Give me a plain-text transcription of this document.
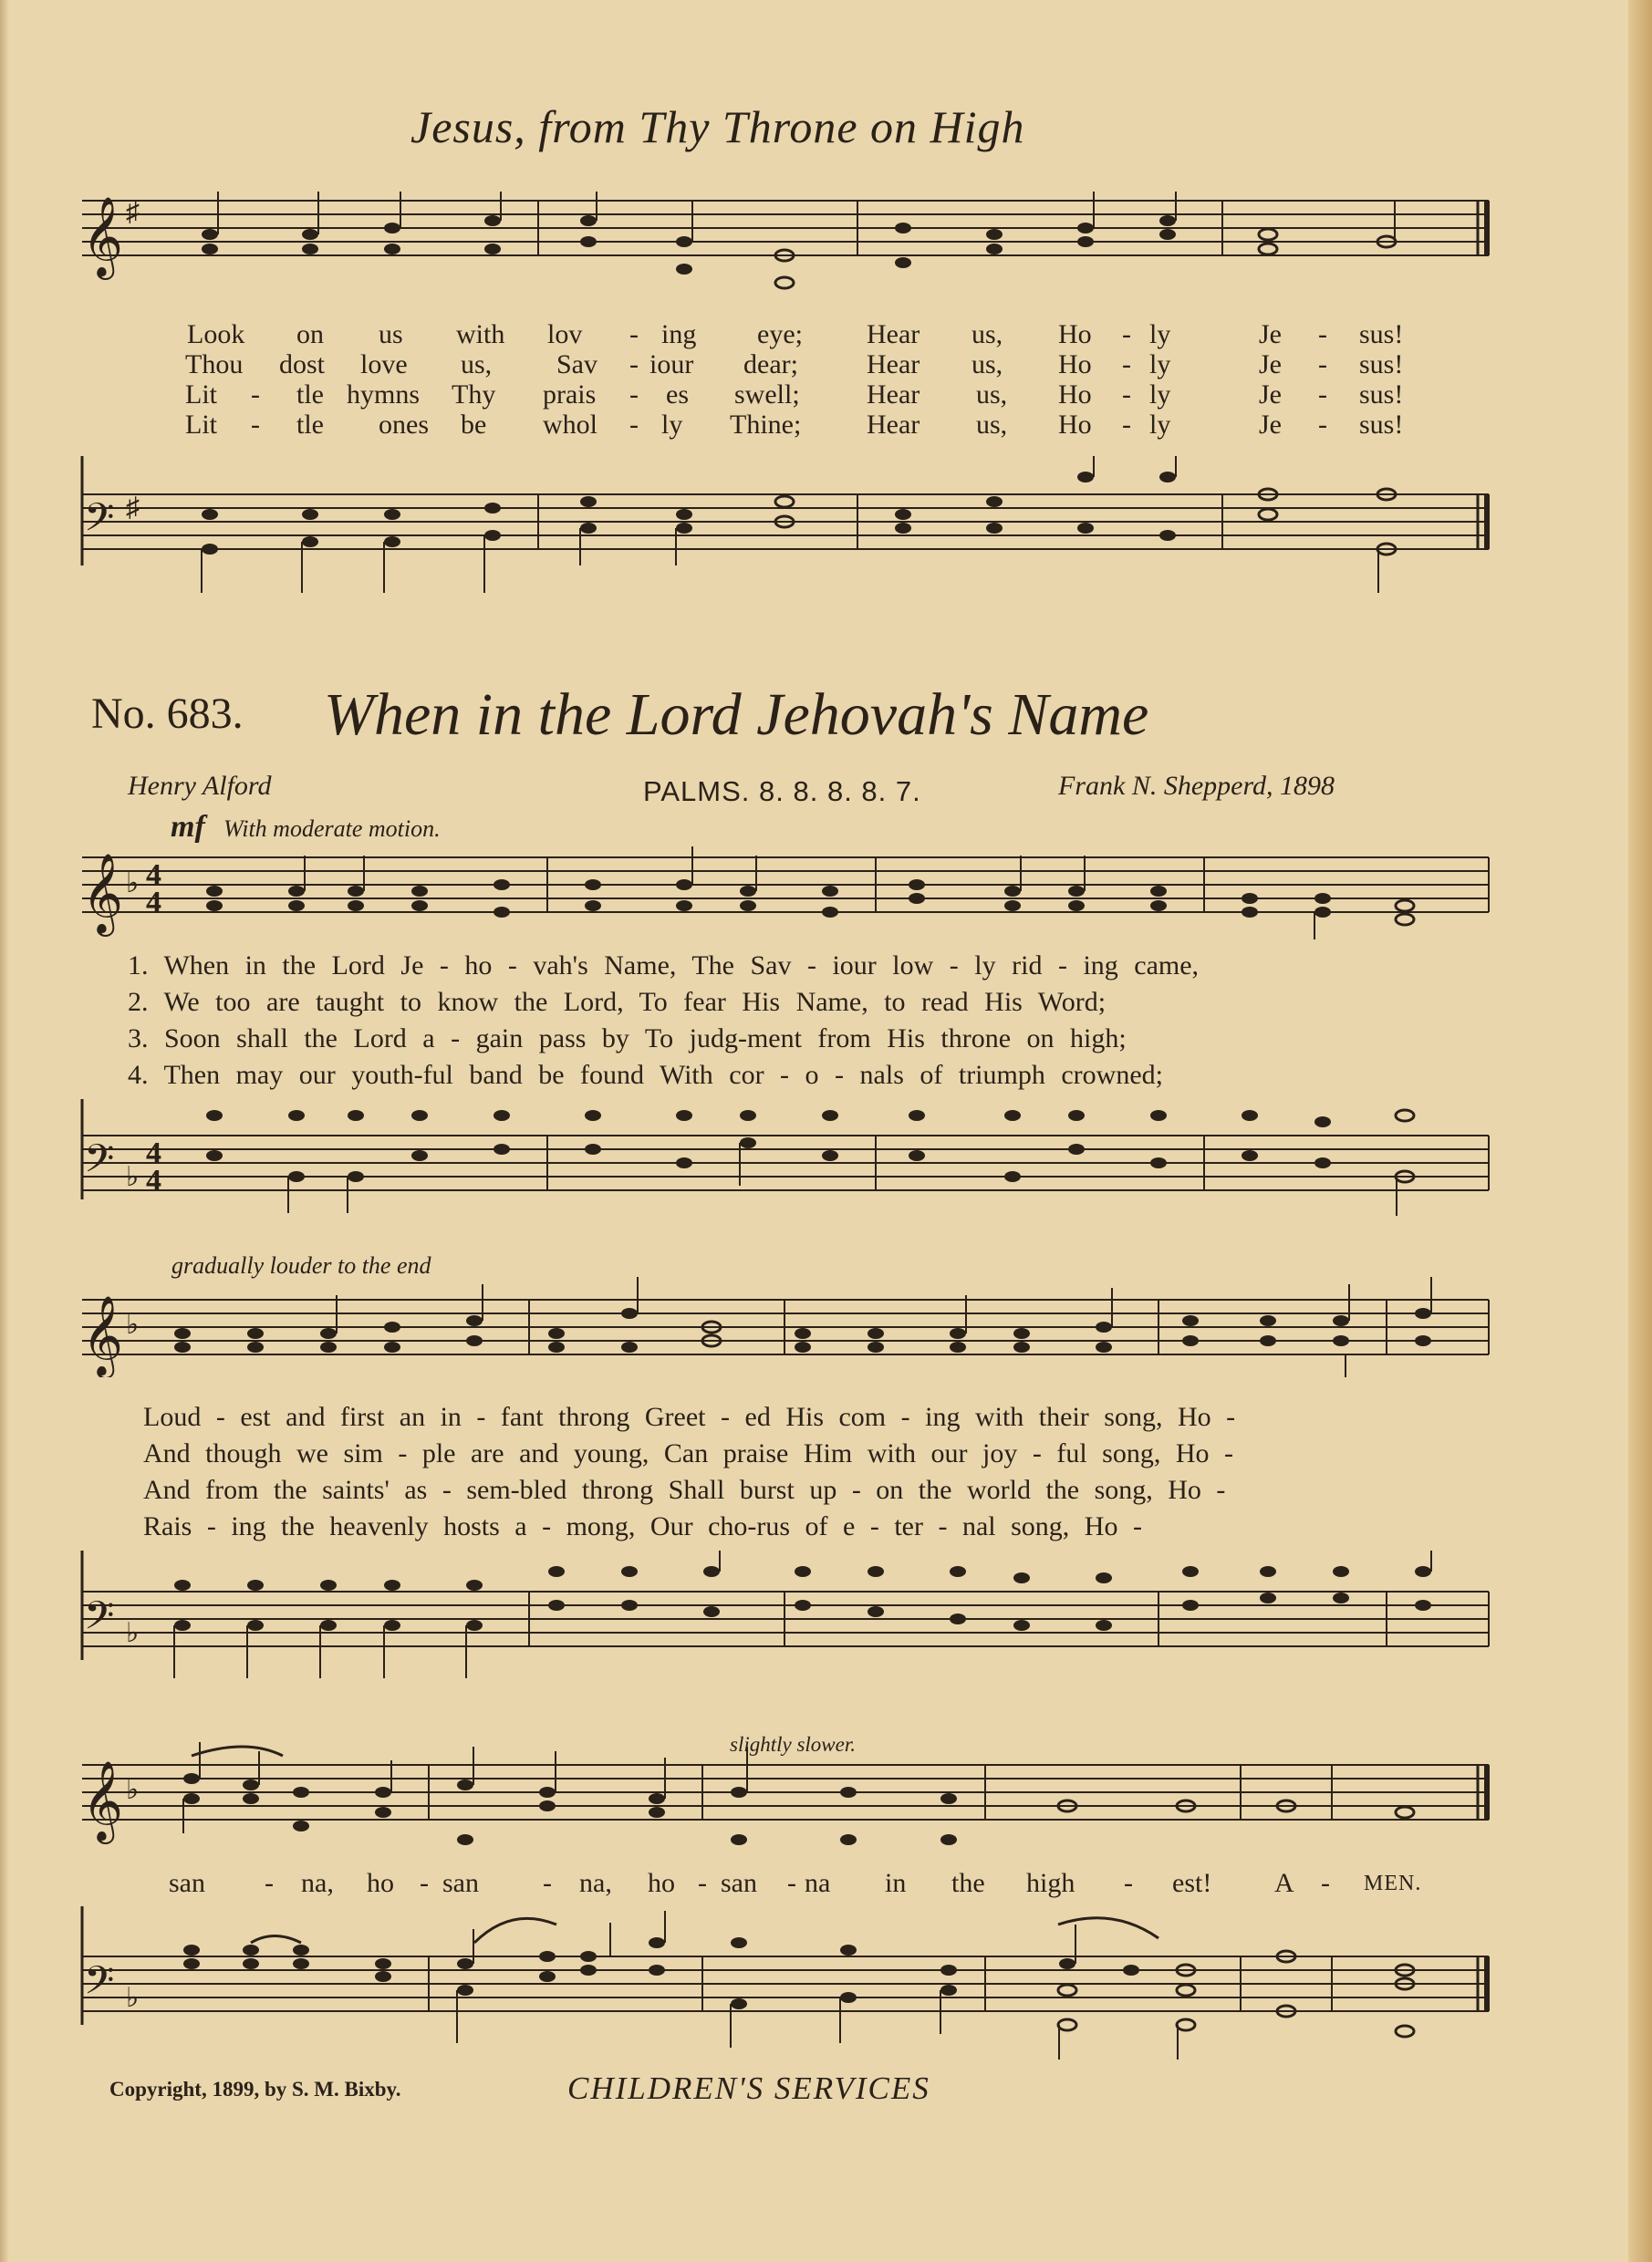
Jesus, from Thy Throne on High
𝄞 ♯
Look on us with lov - ing eye; Hear us, Ho - ly	Je - sus!
Thou dost love us, Sav - iour dear;	Hear us, Ho - ly	Je - sus!
Lit - tle hymns Thy prais - es swell; Hear us, Ho - ly	Je - sus!
Lit - tle ones be whol - ly Thine; Hear us, Ho - ly	Je - sus!
𝄢 ♯
No. 683. When in the Lord Jehovah's Name
Henry Alford	PALMS. 8. 8. 8. 8. 7.	Frank N. Shepperd, 1898
mf With moderate motion.
𝄞 ♭ 4
4
1. When in the Lord Je - ho - vah's Name, The Sav - iour low - ly rid - ing came,
2. We too are taught to know the Lord, To fear His Name, to read His Word;
3. Soon shall the Lord a - gain pass by To judg-ment from His throne on high;
4. Then may our youth-ful band be found With cor - o - nals of triumph crowned;
𝄢 ♭
4
4
gradually louder to the end
𝄞 ♭
Loud - est and first an in - fant throng Greet - ed His com - ing with their song, Ho -
And though we sim - ple are and young, Can praise Him with our joy - ful song, Ho -
And from the saints' as - sem-bled throng Shall burst up - on the world the song, Ho -
Rais - ing the heavenly hosts a - mong, Our cho-rus of e - ter - nal song, Ho -
𝄢 ♭
slightly slower.
𝄞 ♭
san - na, ho - san - na, ho - san - na in the high - est! A - MEN.
𝄢 ♭
Copyright, 1899, by S. M. Bixby.	CHILDREN'S SERVICES
